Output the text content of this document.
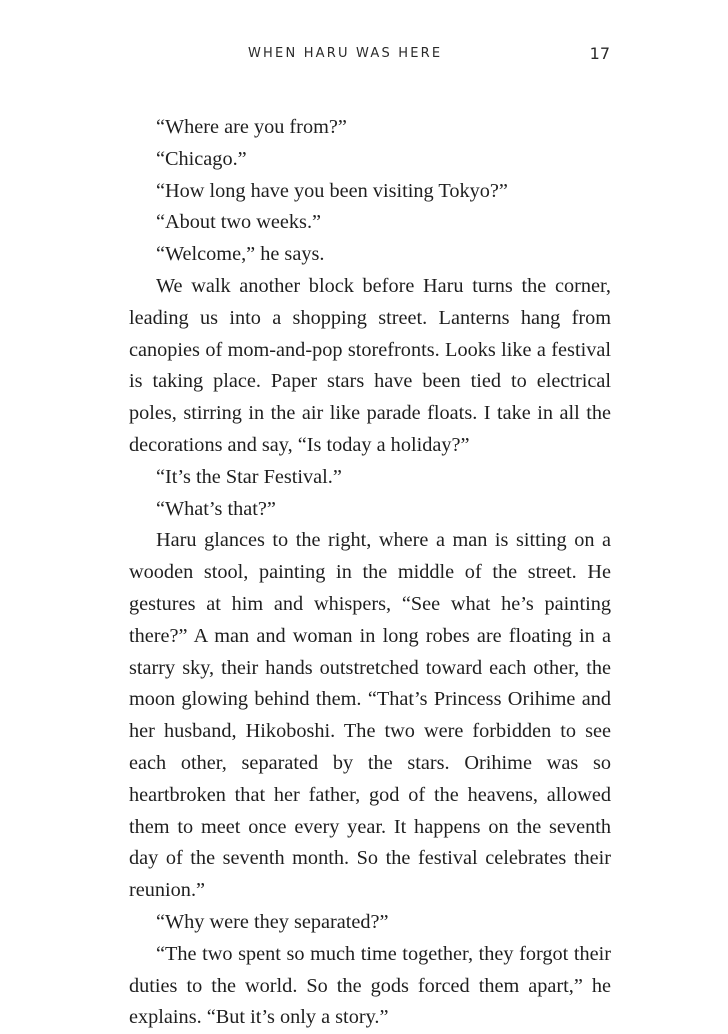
WHEN HARU WAS HERE	17

“Where are you from?”

“Chicago.”

“How long have you been visiting Tokyo?”

“About two weeks.”

“Welcome,” he says.

We walk another block before Haru turns the corner, leading us into a shopping street. Lanterns hang from canopies of mom-and-pop storefronts. Looks like a festival is taking place. Paper stars have been tied to electrical poles, stirring in the air like parade floats. I take in all the decorations and say, “Is today a holiday?”

“It’s the Star Festival.”

“What’s that?”

Haru glances to the right, where a man is sitting on a wooden stool, painting in the middle of the street. He gestures at him and whispers, “See what he’s painting there?” A man and woman in long robes are floating in a starry sky, their hands outstretched toward each other, the moon glowing behind them. “That’s Princess Orihime and her husband, Hikoboshi. The two were forbidden to see each other, separated by the stars. Orihime was so heartbroken that her father, god of the heavens, allowed them to meet once every year. It happens on the seventh day of the seventh month. So the festival celebrates their reunion.”

“Why were they separated?”

“The two spent so much time together, they forgot their duties to the world. So the gods forced them apart,” he explains. “But it’s only a story.”
